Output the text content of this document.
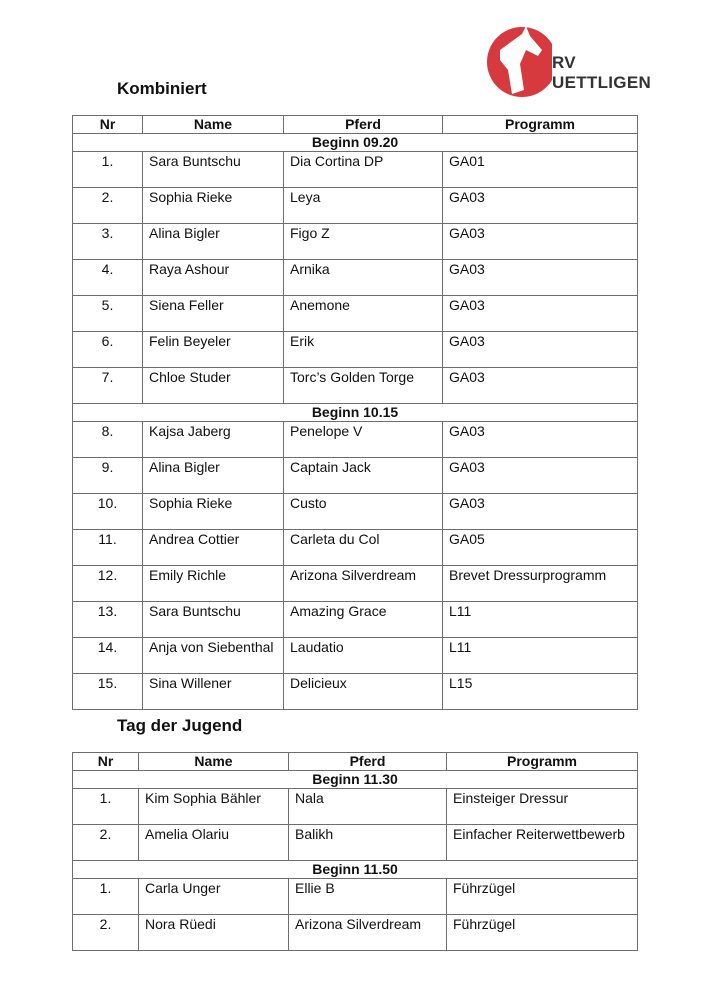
RV UETTLIGEN
Kombiniert
Nr	Name	Pferd	Programm
Beginn 09.20			
1.	Sara Buntschu	Dia Cortina DP	GA01
2.	Sophia Rieke	Leya	GA03
3.	Alina Bigler	Figo Z	GA03
4.	Raya Ashour	Arnika	GA03
5.	Siena Feller	Anemone	GA03
6.	Felin Beyeler	Erik	GA03
7.	Chloe Studer	Torc’s Golden Torge	GA03
Beginn 10.15			
8.	Kajsa Jaberg	Penelope V	GA03
9.	Alina Bigler	Captain Jack	GA03
10.	Sophia Rieke	Custo	GA03
11.	Andrea Cottier	Carleta du Col	GA05
12.	Emily Richle	Arizona Silverdream	Brevet Dressurprogramm
13.	Sara Buntschu	Amazing Grace	L11
14.	Anja von Siebenthal	Laudatio	L11
15.	Sina Willener	Delicieux	L15
Tag der Jugend
Nr	Name	Pferd	Programm
Beginn 11.30			
1.	Kim Sophia Bähler	Nala	Einsteiger Dressur
2.	Amelia Olariu	Balikh	Einfacher Reiterwettbewerb
Beginn 11.50			
1.	Carla Unger	Ellie B	Führzügel
2.	Nora Rüedi	Arizona Silverdream	Führzügel
